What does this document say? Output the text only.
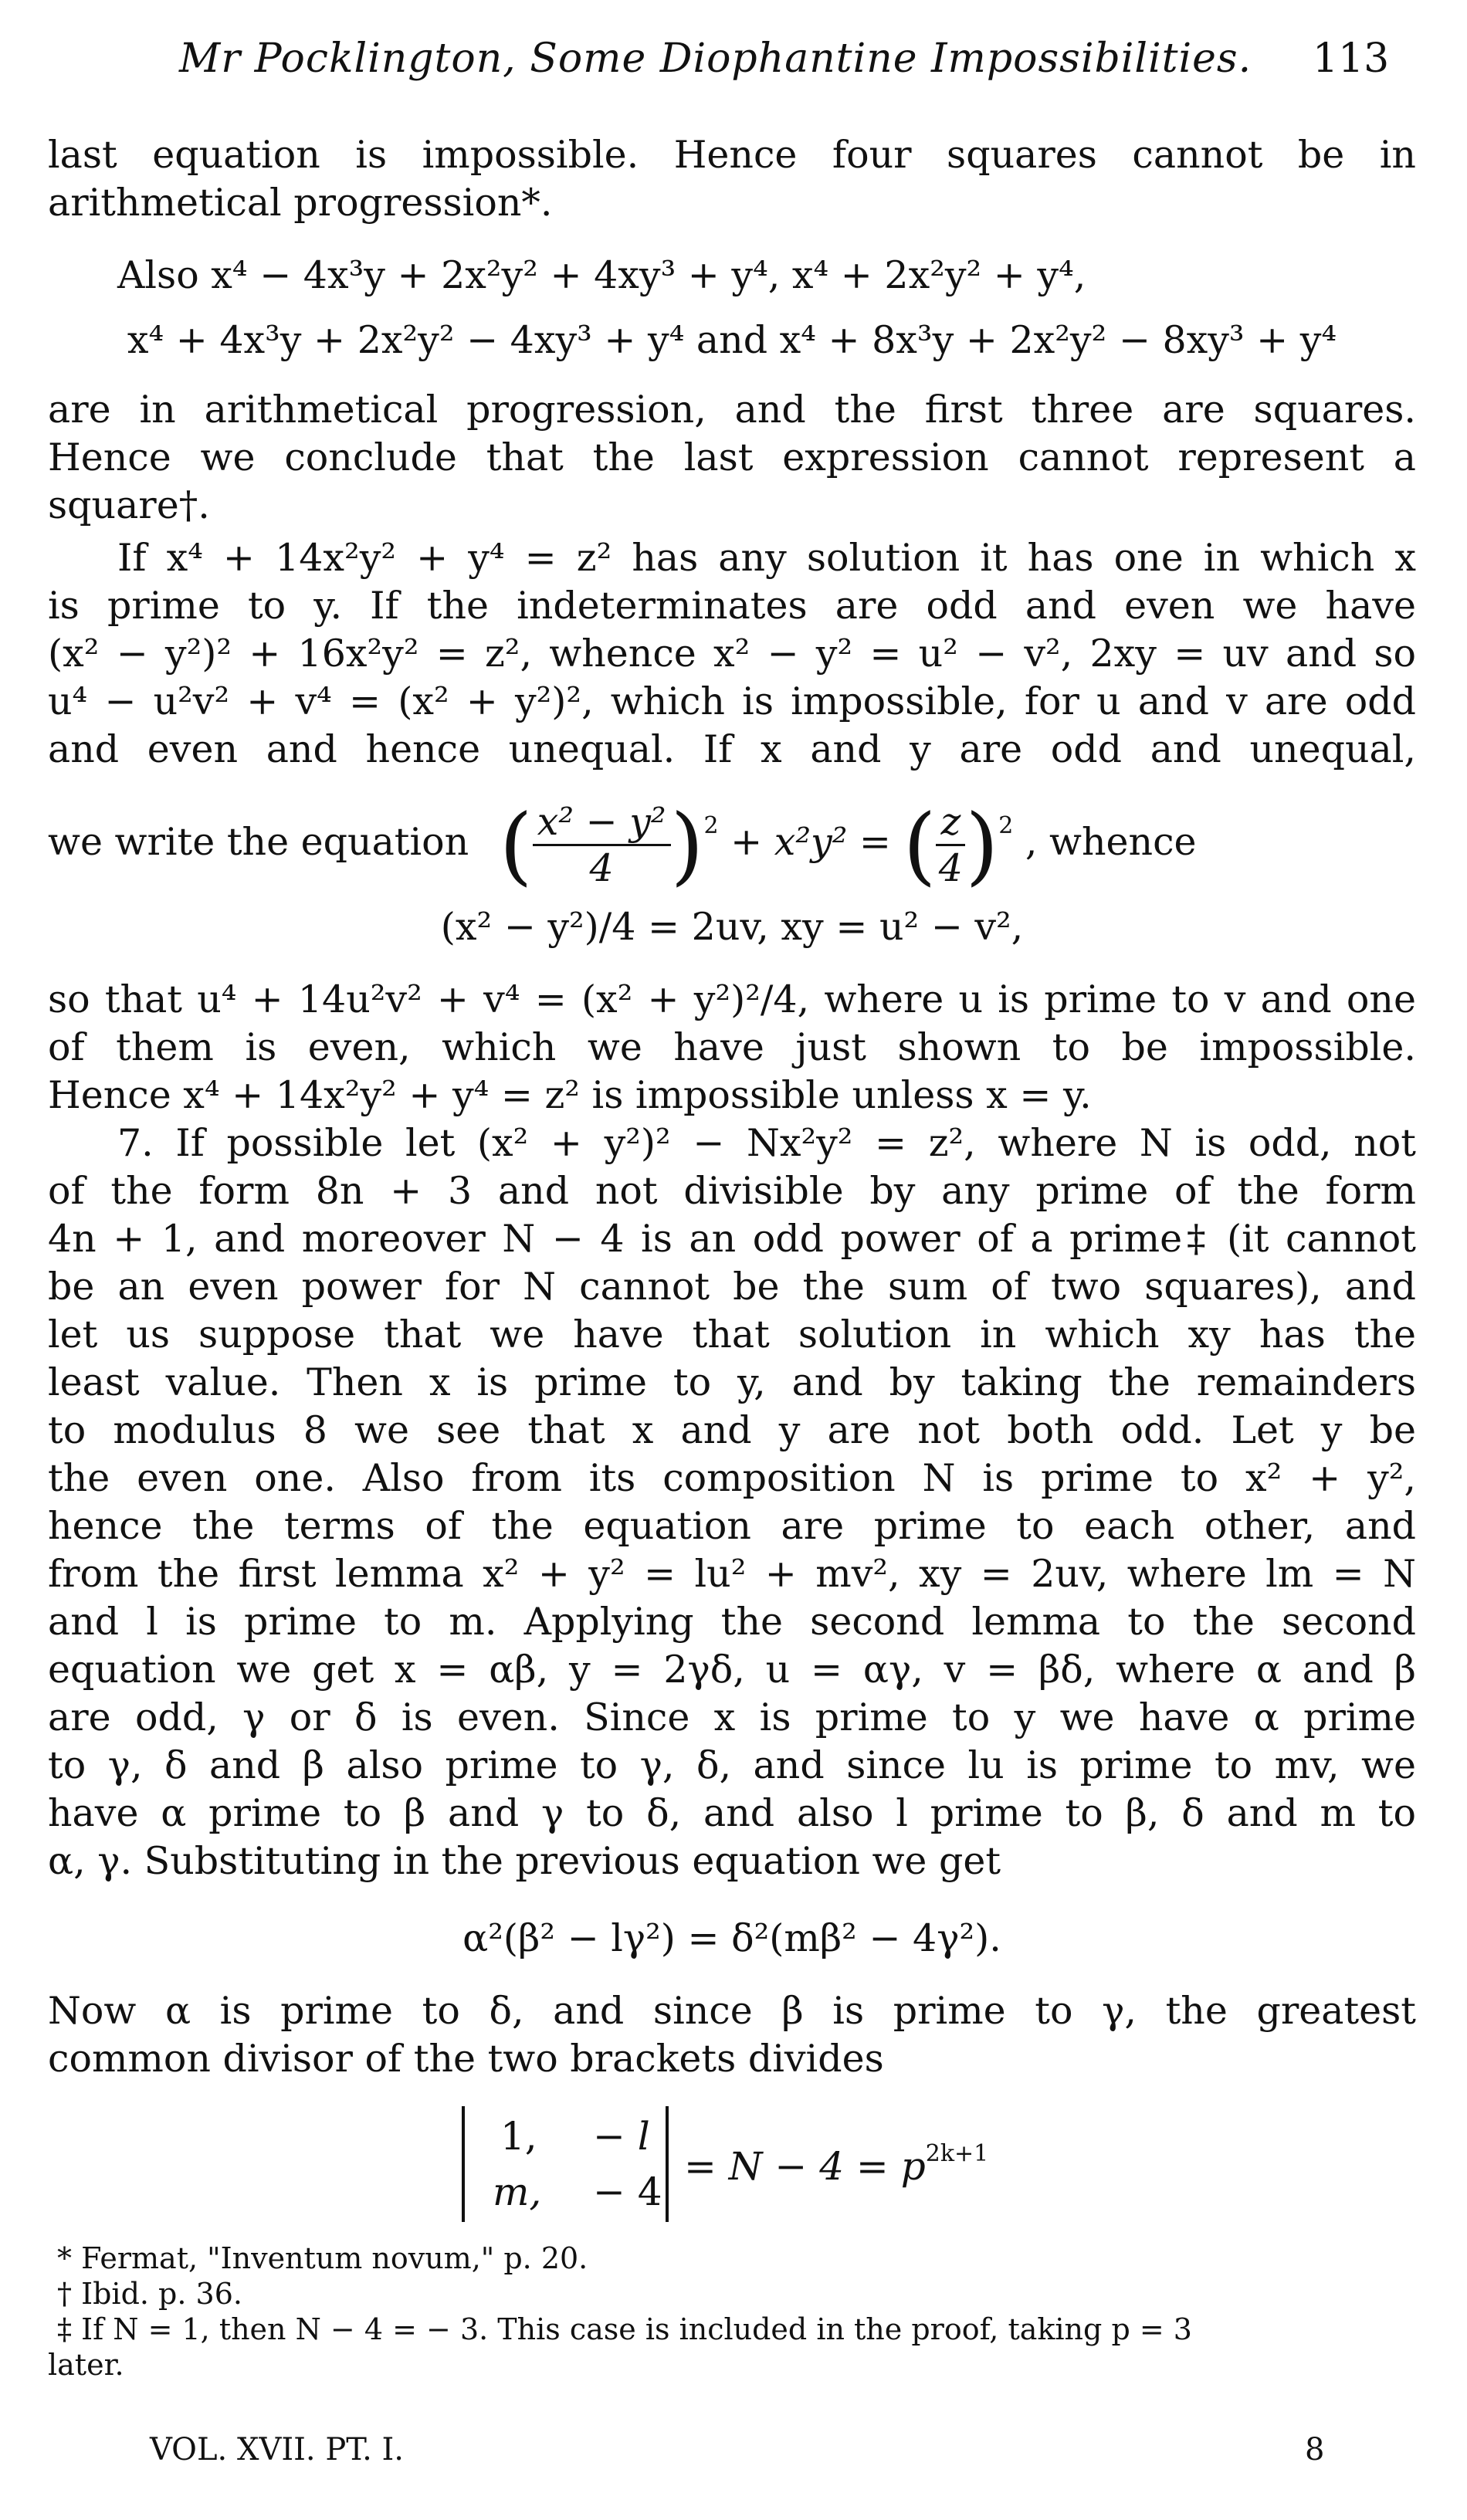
Mr Pocklington, Some Diophantine Impossibilities. 113
last equation is impossible. Hence four squares cannot be in
arithmetical progression*.
Also x⁴ − 4x³y + 2x²y² + 4xy³ + y⁴, x⁴ + 2x²y² + y⁴,
x⁴ + 4x³y + 2x²y² − 4xy³ + y⁴ and x⁴ + 8x³y + 2x²y² − 8xy³ + y⁴
are in arithmetical progression, and the first three are squares.
Hence we conclude that the last expression cannot represent a
square†.
If x⁴ + 14x²y² + y⁴ = z² has any solution it has one in which x
is prime to y. If the indeterminates are odd and even we have
(x² − y²)² + 16x²y² = z², whence x² − y² = u² − v², 2xy = uv and so
u⁴ − u²v² + v⁴ = (x² + y²)², which is impossible, for u and v are odd
and even and hence unequal. If x and y are odd and unequal,
we write the equation ( $\frac{\text{x² − y²}}{4} )^2 + x^2y^2$ = ( $\frac{z}{4} )^2$ , whence
(x² − y²)/4 = 2uv, xy = u² − v²,
so that u⁴ + 14u²v² + v⁴ = (x² + y²)²/4, where u is prime to v and one
of them is even, which we have just shown to be impossible.
Hence x⁴ + 14x²y² + y⁴ = z² is impossible unless x = y.
7. If possible let (x² + y²)² − Nx²y² = z², where N is odd, not
of the form 8n + 3 and not divisible by any prime of the form
4n + 1, and moreover N − 4 is an odd power of a prime‡ (it cannot
be an even power for N cannot be the sum of two squares), and
let us suppose that we have that solution in which xy has the
least value. Then x is prime to y, and by taking the remainders
to modulus 8 we see that x and y are not both odd. Let y be
the even one. Also from its composition N is prime to x² + y²,
hence the terms of the equation are prime to each other, and
from the first lemma x² + y² = lu² + mv², xy = 2uv, where lm = N
and l is prime to m. Applying the second lemma to the second
equation we get x = αβ, y = 2γδ, u = αγ, v = βδ, where α and β
are odd, γ or δ is even. Since x is prime to y we have α prime
to γ, δ and β also prime to γ, δ, and since lu is prime to mv, we
have α prime to β and γ to δ, and also l prime to β, δ and m to
α, γ. Substituting in the previous equation we get
α²(β² − lγ²) = δ²(mβ² − 4γ²).
Now α is prime to δ, and since β is prime to γ, the greatest
common divisor of the two brackets divides
1, − l
m, − 4
= $N - 4 = p^{2k+1}$
* Fermat, "Inventum novum," p. 20.
† Ibid. p. 36.
‡ If N = 1, then N − 4 = − 3. This case is included in the proof, taking p = 3
later.
VOL. XVII. PT. I.	8
